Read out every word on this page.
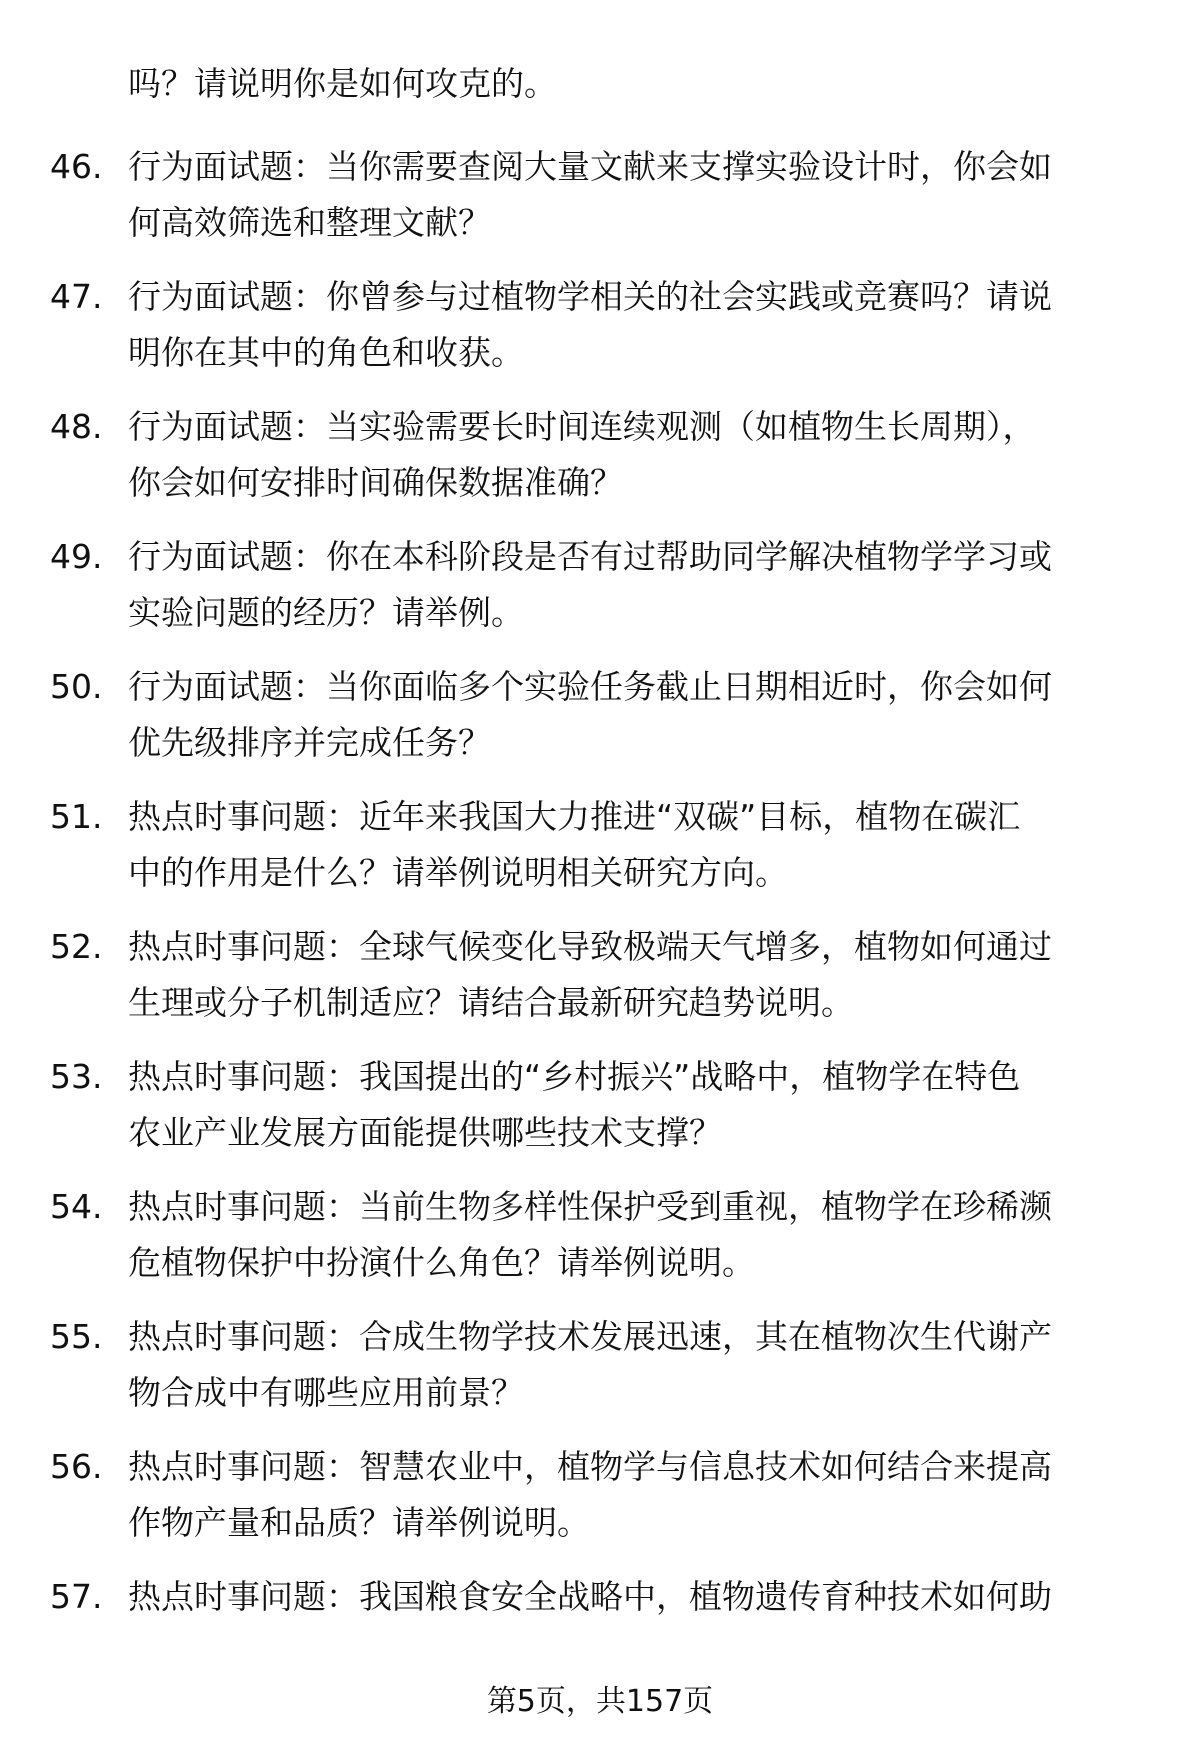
吗？请说明你是如何攻克的。
46. 行为面试题：当你需要查阅大量文献来支撑实验设计时，你会如
何高效筛选和整理文献？
47. 行为面试题：你曾参与过植物学相关的社会实践或竞赛吗？请说
明你在其中的角色和收获。
48. 行为面试题：当实验需要长时间连续观测（如植物生长周期），
你会如何安排时间确保数据准确？
49. 行为面试题：你在本科阶段是否有过帮助同学解决植物学学习或
实验问题的经历？请举例。
50. 行为面试题：当你面临多个实验任务截止日期相近时，你会如何
优先级排序并完成任务？
51. 热点时事问题：近年来我国大力推进“双碳”目标，植物在碳汇
中的作用是什么？请举例说明相关研究方向。
52. 热点时事问题：全球气候变化导致极端天气增多，植物如何通过
生理或分子机制适应？请结合最新研究趋势说明。
53. 热点时事问题：我国提出的“乡村振兴”战略中，植物学在特色
农业产业发展方面能提供哪些技术支撑？
54. 热点时事问题：当前生物多样性保护受到重视，植物学在珍稀濒
危植物保护中扮演什么角色？请举例说明。
55. 热点时事问题：合成生物学技术发展迅速，其在植物次生代谢产
物合成中有哪些应用前景？
56. 热点时事问题：智慧农业中，植物学与信息技术如何结合来提高
作物产量和品质？请举例说明。
57. 热点时事问题：我国粮食安全战略中，植物遗传育种技术如何助
第5页，共157页
